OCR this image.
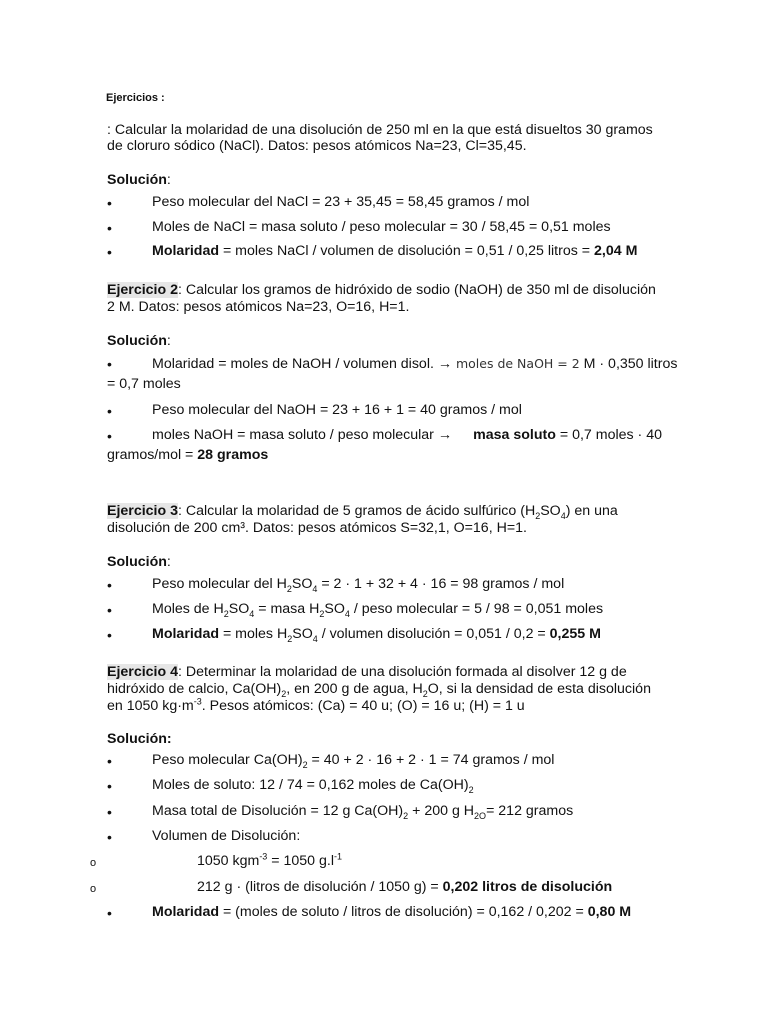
Ejercicios :
: Calcular la molaridad de una disolución de 250 ml en la que está disueltos 30 gramos
de cloruro sódico (NaCl). Datos: pesos atómicos Na=23, Cl=35,45.
Solución:
•	Peso molecular del NaCl = 23 + 35,45 = 58,45 gramos / mol
•	Moles de NaCl = masa soluto / peso molecular = 30 / 58,45 = 0,51 moles
•	Molaridad = moles NaCl / volumen de disolución = 0,51 / 0,25 litros = 2,04 M
Ejercicio 2: Calcular los gramos de hidróxido de sodio (NaOH) de 350 ml de disolución
2 M. Datos: pesos atómicos Na=23, O=16, H=1.
Solución:
•	Molaridad = moles de NaOH / volumen disol. → moles de NaOH = 2 M · 0,350 litros
= 0,7 moles
•	Peso molecular del NaOH = 23 + 16 + 1 = 40 gramos / mol
•	moles NaOH = masa soluto / peso molecular → masa soluto = 0,7 moles · 40
gramos/mol = 28 gramos
Ejercicio 3: Calcular la molaridad de 5 gramos de ácido sulfúrico $(H_2SO_4)$ en una
disolución de 200 cm³. Datos: pesos atómicos S=32,1, O=16, H=1.
Solución:
•	Peso molecular del $H_2SO_4 = 2 \cdot 1 + 32 + 4 \cdot 16 = 98$ gramos / mol
•	Moles de $H_2SO_4$ = masa $H_2SO_4$ / peso molecular = 5 / 98 = 0,051 moles
•	Molaridad = moles $H_2SO_4$ / volumen disolución = 0,051 / 0,2 = 0,255 M
Ejercicio 4: Determinar la molaridad de una disolución formada al disolver 12 g de
hidróxido de calcio, $Ca(OH)_2$, en 200 g de agua, $H_2O$, si la densidad de esta disolución
en 1050 $kg\cdot m^{-3}$. Pesos atómicos: (Ca) = 40 u; (O) = 16 u; (H) = 1 u
Solución:
•	Peso molecular $Ca(OH)_2 = 40 + 2 \cdot 16 + 2 \cdot 1 = 74$ gramos / mol
•	Moles de soluto: 12 / 74 = 0,162 moles de $Ca(OH)_2$
•	Masa total de Disolución = 12 g $Ca(OH)_2 + 200$ g $H_{2O}= 212$ gramos
•	Volumen de Disolución:
o	1050 kgm$^{-3}$ = 1050 $g.l^{-1}$
o	212 g · (litros de disolución / 1050 g) = 0,202 litros de disolución
•	Molaridad = (moles de soluto / litros de disolución) = 0,162 / 0,202 = 0,80 M
